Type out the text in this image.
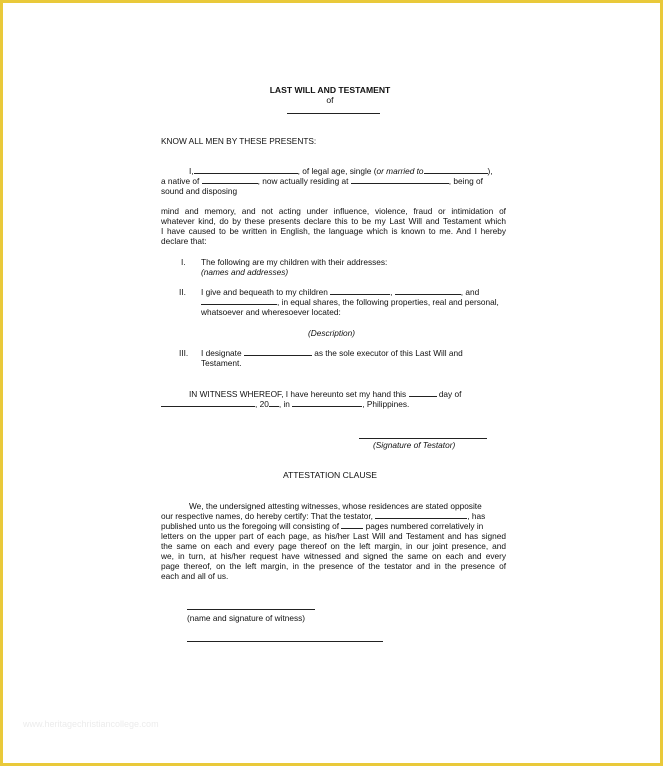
LAST WILL AND TESTAMENT
of
KNOW ALL MEN BY THESE PRESENTS:
I,	, of legal age, single (or married to	),
a native of	, now actually residing at	, being of
sound and disposing
mind and memory, and not acting under influence, violence, fraud or intimidation of
whatever kind, do by these presents declare this to be my Last Will and Testament which
I have caused to be written in English, the language which is known to me. And I hereby
declare that:
I. The following are my children with their addresses:
(names and addresses)
II. I give and bequeath to my children	,	, and
, in equal shares, the following properties, real and personal,
whatsoever and wheresoever located:
(Description)
III. I designate	as the sole executor of this Last Will and
Testament.
IN WITNESS WHEREOF, I have hereunto set my hand this	day of
, 20 , in	, Philippines.
(Signature of Testator)
ATTESTATION CLAUSE
We, the undersigned attesting witnesses, whose residences are stated opposite
our respective names, do hereby certify: That the testator,	, has
published unto us the foregoing will consisting of	pages numbered correlatively in
letters on the upper part of each page, as his/her Last Will and Testament and has signed
the same on each and every page thereof on the left margin, in our joint presence, and
we, in turn, at his/her request have witnessed and signed the same on each and every
page thereof, on the left margin, in the presence of the testator and in the presence of
each and all of us.
(name and signature of witness)
www.heritagechristiancollege.com
